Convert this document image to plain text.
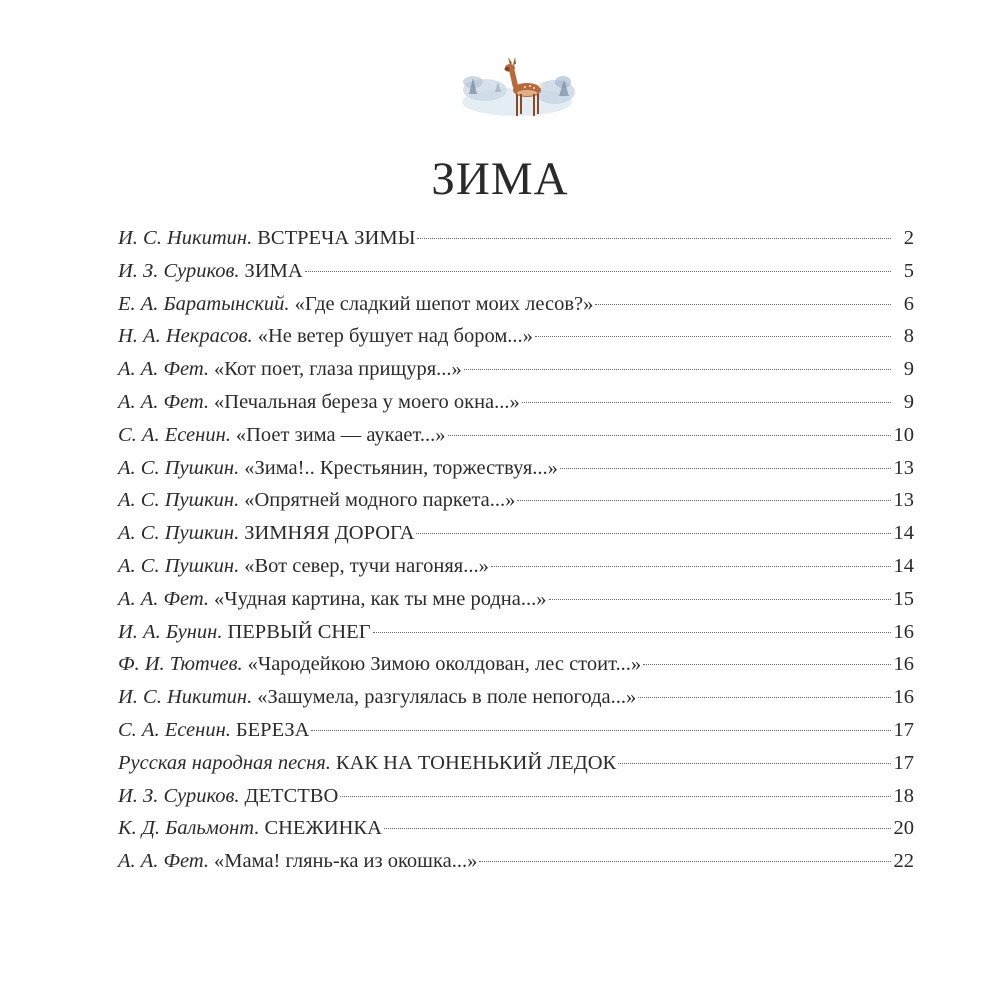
ЗИМА
И. С. Никитин. ВСТРЕЧА ЗИМЫ	2
И. З. Суриков. ЗИМА	5
Е. А. Баратынский. «Где сладкий шепот моих лесов?»	6
Н. А. Некрасов. «Не ветер бушует над бором...»	8
А. А. Фет. «Кот поет, глаза прищуря...»	9
А. А. Фет. «Печальная береза у моего окна...»	9
С. А. Есенин. «Поет зима — аукает...»	10
А. С. Пушкин. «Зима!.. Крестьянин, торжествуя...»	13
А. С. Пушкин. «Опрятней модного паркета...»	13
А. С. Пушкин. ЗИМНЯЯ ДОРОГА	14
А. С. Пушкин. «Вот север, тучи нагоняя...»	14
А. А. Фет. «Чудная картина, как ты мне родна...»	15
И. А. Бунин. ПЕРВЫЙ СНЕГ	16
Ф. И. Тютчев. «Чародейкою Зимою околдован, лес стоит...»	16
И. С. Никитин. «Зашумела, разгулялась в поле непогода...»	16
С. А. Есенин. БЕРЕЗА	17
Русская народная песня. КАК НА ТОНЕНЬКИЙ ЛЕДОК	17
И. З. Суриков. ДЕТСТВО	18
К. Д. Бальмонт. СНЕЖИНКА	20
А. А. Фет. «Мама! глянь-ка из окошка...»	22
